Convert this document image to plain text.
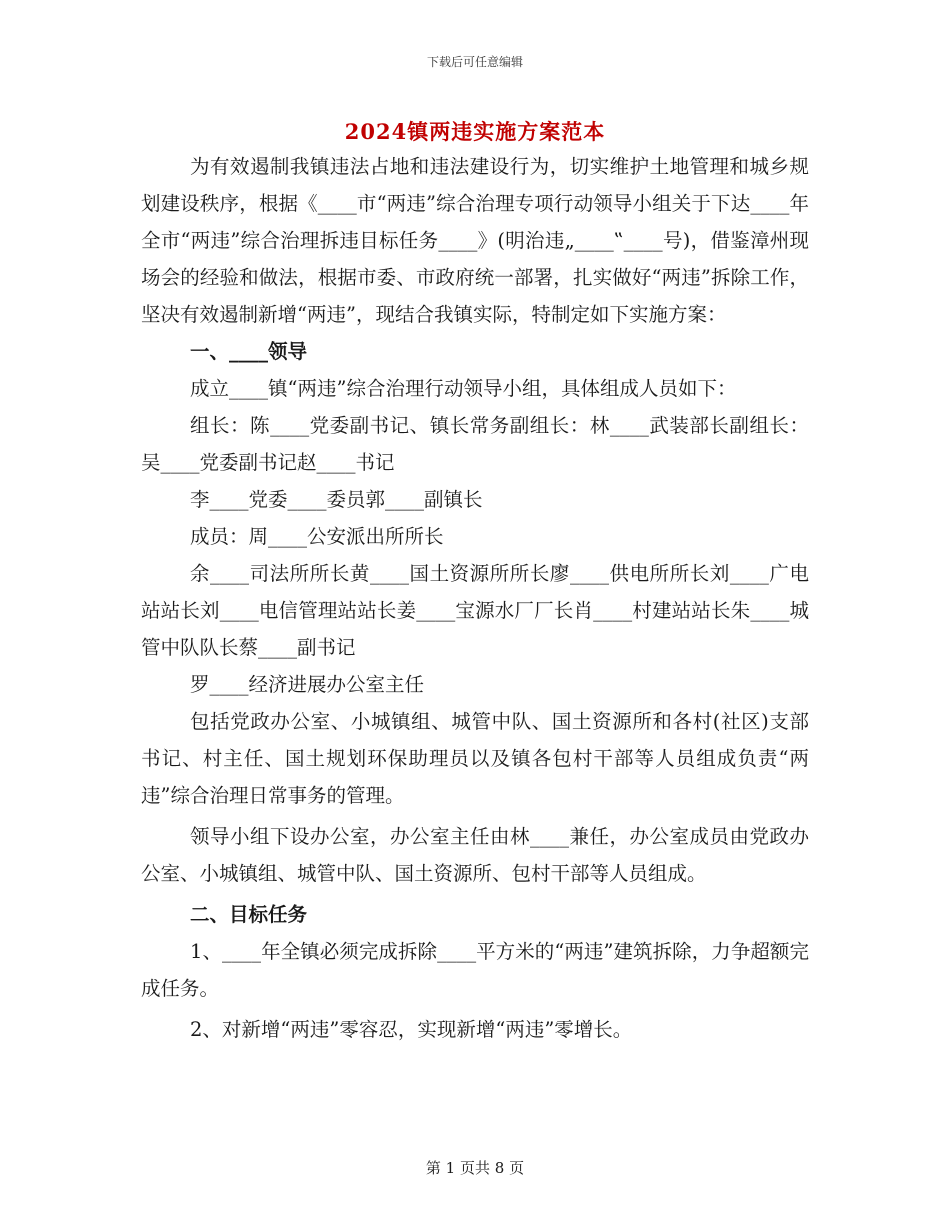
下载后可任意编辑
2024镇两违实施方案范本

为有效遏制我镇违法占地和违法建设行为，切实维护土地管理和城乡规划建设秩序，根据《____市“两违”综合治理专项行动领导小组关于下达____年全市“两违”综合治理拆违目标任务____》(明治违„____‟____号)，借鉴漳州现场会的经验和做法，根据市委、市政府统一部署，扎实做好“两违”拆除工作，坚决有效遏制新增“两违”，现结合我镇实际，特制定如下实施方案：

一、____领导

成立____镇“两违”综合治理行动领导小组，具体组成人员如下：

组长：陈____党委副书记、镇长常务副组长：林____武装部长副组长：吴____党委副书记赵____书记

李____党委____委员郭____副镇长

成员：周____公安派出所所长

余____司法所所长黄____国土资源所所长廖____供电所所长刘____广电站站长刘____电信管理站站长姜____宝源水厂厂长肖____村建站站长朱____城管中队队长蔡____副书记

罗____经济进展办公室主任

包括党政办公室、小城镇组、城管中队、国土资源所和各村(社区)支部书记、村主任、国土规划环保助理员以及镇各包村干部等人员组成负责“两违”综合治理日常事务的管理。

领导小组下设办公室，办公室主任由林____兼任，办公室成员由党政办公室、小城镇组、城管中队、国土资源所、包村干部等人员组成。

二、目标任务

1、____年全镇必须完成拆除____平方米的“两违”建筑拆除，力争超额完成任务。

2、对新增“两违”零容忍，实现新增“两违”零增长。

第 1 页共 8 页
